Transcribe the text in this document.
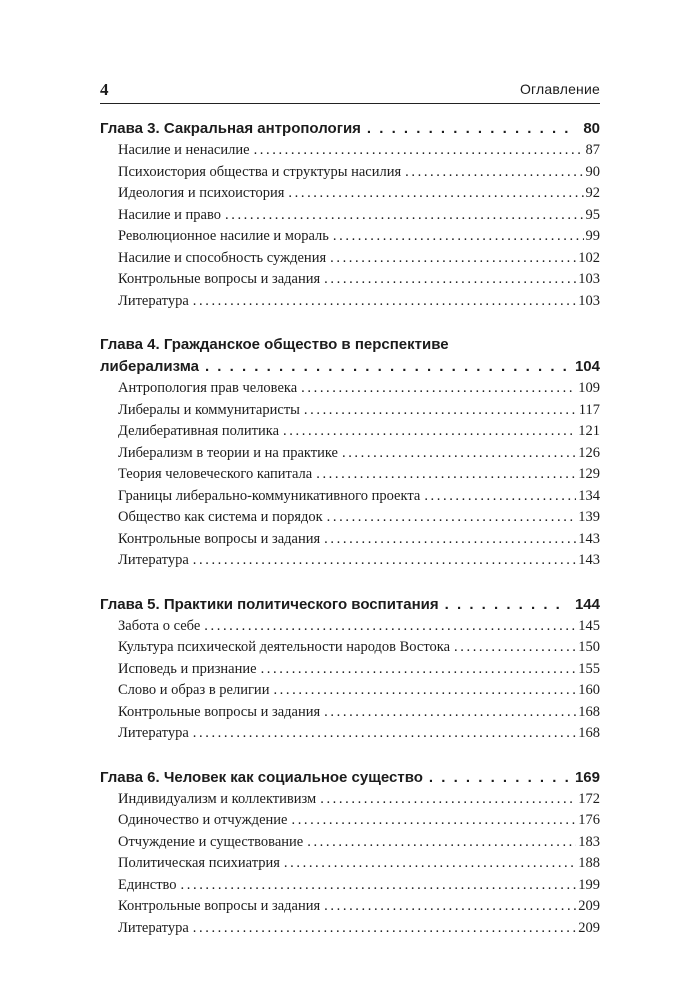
4	Оглавление
Глава 3. Сакральная антропология . . .	80
Насилие и ненасилие .....	87
Психоистория общества и структуры насилия .....	90
Идеология и психоистория .....	92
Насилие и право .....	95
Революционное насилие и мораль .....	99
Насилие и способность суждения .....	102
Контрольные вопросы и задания .....	103
Литература .....	103
Глава 4. Гражданское общество в перспективе
либерализма . . .	104
Антропология прав человека .....	109
Либералы и коммунитаристы .....	117
Делиберативная политика .....	121
Либерализм в теории и на практике .....	126
Теория человеческого капитала .....	129
Границы либерально-коммуникативного проекта .....	134
Общество как система и порядок .....	139
Контрольные вопросы и задания .....	143
Литература .....	143
Глава 5. Практики политического воспитания . . .	144
Забота о себе .....	145
Культура психической деятельности народов Востока .....	150
Исповедь и признание .....	155
Слово и образ в религии .....	160
Контрольные вопросы и задания .....	168
Литература .....	168
Глава 6. Человек как социальное существо . . .	169
Индивидуализм и коллективизм .....	172
Одиночество и отчуждение .....	176
Отчуждение и существование .....	183
Политическая психиатрия .....	188
Единство .....	199
Контрольные вопросы и задания .....	209
Литература .....	209
